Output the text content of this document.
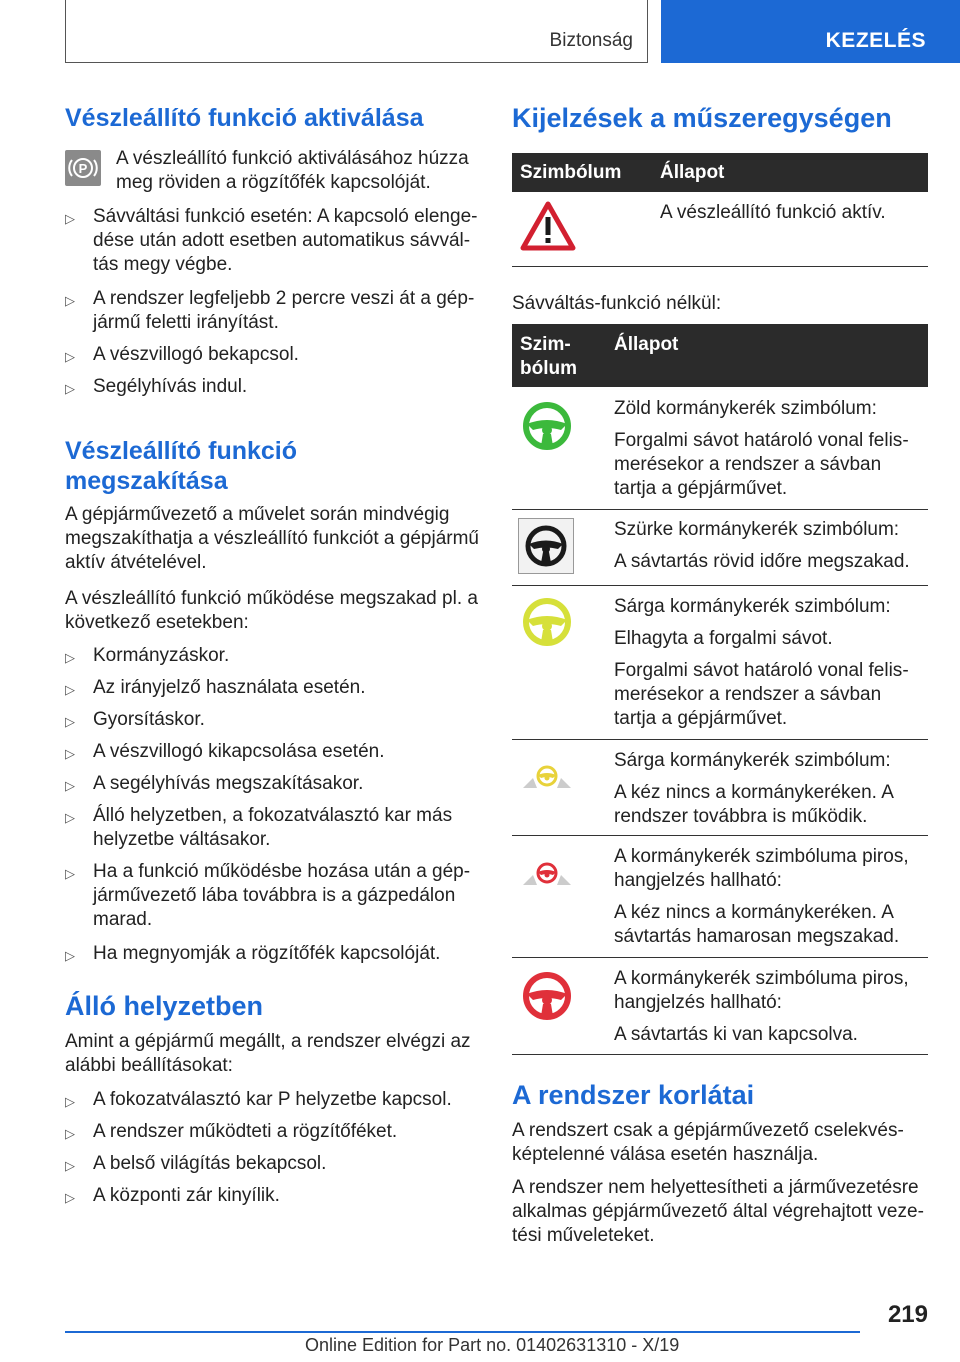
Biztonság	KEZELÉS
Vészleállító funkció aktiválása
P A vészleállító funkció aktiválásához húzza meg röviden a rögzítőfék kapcsolóját.
▷ Sávváltási funkció esetén: A kapcsoló elengedése után adott esetben automatikus sávváltás megy végbe.
▷ A rendszer legfeljebb 2 percre veszi át a gépjármű feletti irányítást.
▷ A vészvillogó bekapcsol.
▷ Segélyhívás indul.
Vészleállító funkció
megszakítása
A gépjárművezető a művelet során mindvégig megszakíthatja a vészleállító funkciót a gépjármű aktív átvételével.
A vészleállító funkció működése megszakad pl. a következő esetekben:
▷ Kormányzáskor.
▷ Az irányjelző használata esetén.
▷ Gyorsításkor.
▷ A vészvillogó kikapcsolása esetén.
▷ A segélyhívás megszakításakor.
▷ Álló helyzetben, a fokozatválasztó kar más helyzetbe váltásakor.
▷ Ha a funkció működésbe hozása után a gépjárművezető lába továbbra is a gázpedálon marad.
▷ Ha megnyomják a rögzítőfék kapcsolóját.
Álló helyzetben
Amint a gépjármű megállt, a rendszer elvégzi az alábbi beállításokat:
▷ A fokozatválasztó kar P helyzetbe kapcsol.
▷ A rendszer működteti a rögzítőféket.
▷ A belső világítás bekapcsol.
▷ A központi zár kinyílik.
Kijelzések a műszeregységen
Szimbólum Állapot
A vészleállító funkció aktív.
Sávváltás-funkció nélkül:
Szim-
bólum
Állapot
Zöld kormánykerék szimbólum:
Forgalmi sávot határoló vonal felismerésekor a rendszer a sávban tartja a gépjárművet.
Szürke kormánykerék szimbólum:
A sávtartás rövid időre megszakad.
Sárga kormánykerék szimbólum:
Elhagyta a forgalmi sávot.
Forgalmi sávot határoló vonal felismerésekor a rendszer a sávban tartja a gépjárművet.
Sárga kormánykerék szimbólum:
A kéz nincs a kormánykeréken. A rendszer továbbra is működik.
A kormánykerék szimbóluma piros, hangjelzés hallható:
A kéz nincs a kormánykeréken. A sávtartás hamarosan megszakad.
A kormánykerék szimbóluma piros, hangjelzés hallható:
A sávtartás ki van kapcsolva.
A rendszer korlátai
A rendszert csak a gépjárművezető cselekvésképtelenné válása esetén használja.
A rendszer nem helyettesítheti a járművezetésre alkalmas gépjárművezető által végrehajtott vezetési műveleteket.
219
Online Edition for Part no. 01402631310 - X/19
